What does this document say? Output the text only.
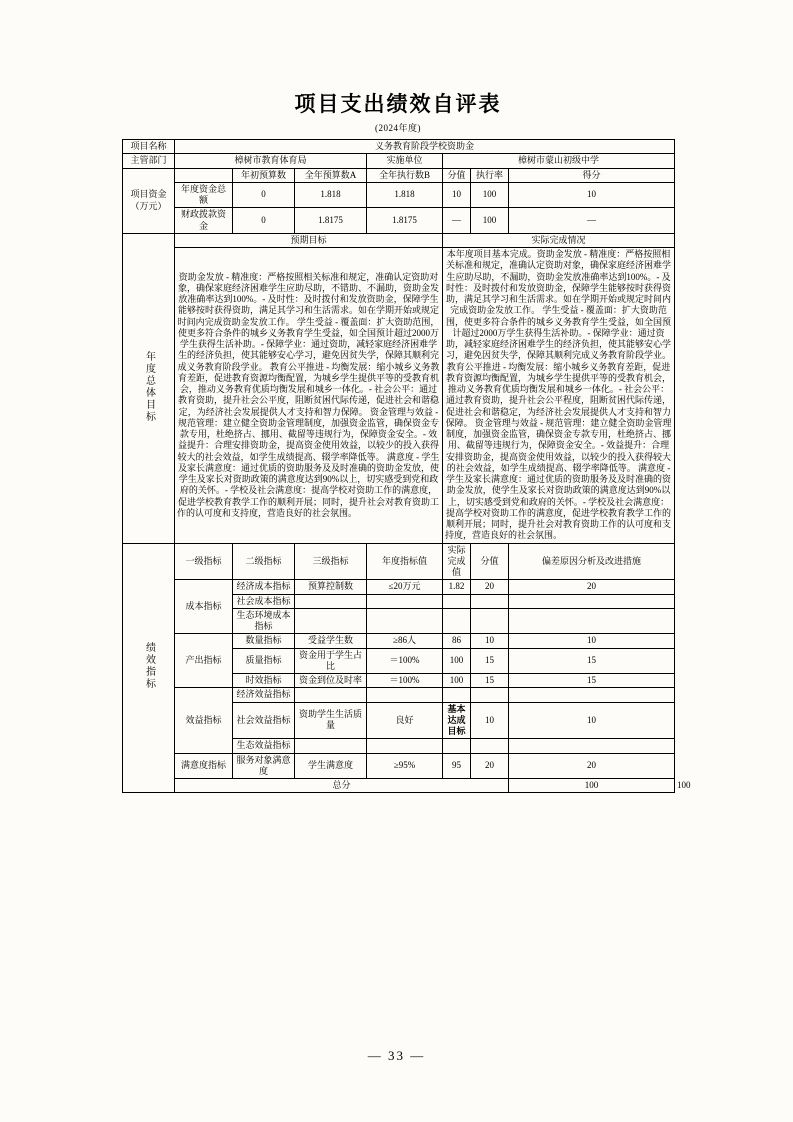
项目支出绩效自评表
(2024年度)
项目名称	义务教育阶段学校资助金							
主管部门	樟树市教育体育局			实施单位	樟树市蒙山初级中学			
项目资金（万元）		年初预算数	全年预算数A	全年执行数B	分值	执行率	得分	
	年度资金总额	0	1.818	1.818	10	100	10	
	财政拨款资金	0	1.8175	1.8175	—	100	—	
年度总体目标	预期目标				实际完成情况			
资助金发放 - 精准度：严格按照相关标准和规定，准确认定资助对象，确保家庭经济困难学生应助尽助，不错助、不漏助，资助金发放准确率达到100%。- 及时性：及时拨付和发放资助金，保障学生能够按时获得资助，满足其学习和生活需求。如在学期开始或规定时间内完成资助金发放工作。 学生受益 - 覆盖面：扩大资助范围，使更多符合条件的城乡义务教育学生受益，如全国预计超过2000万学生获得生活补助。- 保障学业：通过资助，减轻家庭经济困难学生的经济负担，使其能够安心学习，避免因贫失学，保障其顺利完成义务教育阶段学业。 教育公平推进 - 均衡发展：缩小城乡义务教育差距，促进教育资源均衡配置，为城乡学生提供平等的受教育机会，推动义务教育优质均衡发展和城乡一体化。- 社会公平：通过教育资助，提升社会公平度，阻断贫困代际传递，促进社会和谐稳定，为经济社会发展提供人才支持和智力保障。 资金管理与效益 - 规范管理：建立健全资助金管理制度，加强资金监管，确保资金专款专用，杜绝挤占、挪用、截留等违规行为，保障资金安全。- 效益提升：合理安排资助金，提高资金使用效益，以较少的投入获得较大的社会效益，如学生成绩提高、辍学率降低等。 满意度 - 学生及家长满意度：通过优质的资助服务及及时准确的资助金发放，使学生及家长对资助政策的满意度达到90%以上，切实感受到党和政府的关怀。- 学校及社会满意度：提高学校对资助工作的满意度，促进学校教育教学工作的顺利开展；同时，提升社会对教育资助工作的认可度和支持度，营造良好的社会氛围。	本年度项目基本完成。资助金发放 - 精准度：严格按照相关标准和规定，准确认定资助对象，确保家庭经济困难学生应助尽助，不漏助，资助金发放准确率达到100%。- 及时性：及时拨付和发放资助金，保障学生能够按时获得资助，满足其学习和生活需求。如在学期开始或规定时间内完成资助金发放工作。 学生受益 - 覆盖面：扩大资助范围，使更多符合条件的城乡义务教育学生受益，如全国预计超过2000万学生获得生活补助。- 保障学业：通过资助，减轻家庭经济困难学生的经济负担，使其能够安心学习，避免因贫失学，保障其顺利完成义务教育阶段学业。 教育公平推进 - 均衡发展：缩小城乡义务教育差距，促进教育资源均衡配置，为城乡学生提供平等的受教育机会，推动义务教育优质均衡发展和城乡一体化。- 社会公平：通过教育资助，提升社会公平程度，阻断贫困代际传递，促进社会和谐稳定，为经济社会发展提供人才支持和智力保障。 资金管理与效益 - 规范管理：建立健全资助金管理制度，加强资金监管，确保资金专款专用，杜绝挤占、挪用、截留等违规行为，保障资金安全。- 效益提升：合理安排资助金，提高资金使用效益，以较少的投入获得较大的社会效益，如学生成绩提高、辍学率降低等。 满意度 - 学生及家长满意度：通过优质的资助服务及及时准确的资助金发放，使学生及家长对资助政策的满意度达到90%以上，切实感受到党和政府的关怀。- 学校及社会满意度：提高学校对资助工作的满意度，促进学校教育教学工作的顺利开展；同时，提升社会对教育资助工作的认可度和支持度，营造良好的社会氛围。
绩效指标	一级指标	二级指标	三级指标	年度指标值	实际完成值	分值	偏差原因分析及改进措施	
	成本指标	经济成本指标	预算控制数	≤20万元	1.82	20	20	
		社会成本指标						
		生态环境成本指标						
	产出指标	数量指标	受益学生数	≥86人	86	10	10	
		质量指标	资金用于学生占比	＝100%	100	15	15	
		时效指标	资金到位及时率	＝100%	100	15	15	
	效益指标	经济效益指标						
		社会效益指标	资助学生生活质量	良好	基本达成目标	10	10	
		生态效益指标						
	满意度指标	服务对象满意度	学生满意度	≥95%	95	20	20	
	总分						100	100
— 33 —
